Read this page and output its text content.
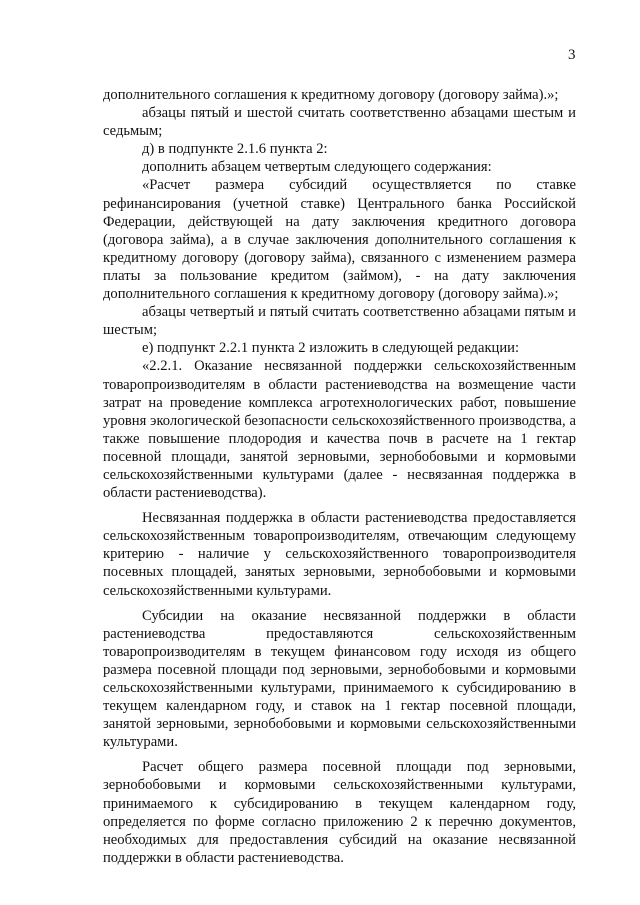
3

дополнительного соглашения к кредитному договору (договору займа).»;

абзацы пятый и шестой считать соответственно абзацами шестым и седьмым;

д) в подпункте 2.1.6 пункта 2:

дополнить абзацем четвертым следующего содержания:

«Расчет размера субсидий осуществляется по ставке рефинансирования (учетной ставке) Центрального банка Российской Федерации, действующей на дату заключения кредитного договора (договора займа), а в случае заключения дополнительного соглашения к кредитному договору (договору займа), связанного с изменением размера платы за пользование кредитом (займом), - на дату заключения дополнительного соглашения к кредитному договору (договору займа).»;

абзацы четвертый и пятый считать соответственно абзацами пятым и шестым;

е) подпункт 2.2.1 пункта 2 изложить в следующей редакции:

«2.2.1. Оказание несвязанной поддержки сельскохозяйственным товаропроизводителям в области растениеводства на возмещение части затрат на проведение комплекса агротехнологических работ, повышение уровня экологической безопасности сельскохозяйственного производства, а также повышение плодородия и качества почв в расчете на 1 гектар посевной площади, занятой зерновыми, зернобобовыми и кормовыми сельскохозяйственными культурами (далее - несвязанная поддержка в области растениеводства).

Несвязанная поддержка в области растениеводства предоставляется сельскохозяйственным товаропроизводителям, отвечающим следующему критерию - наличие у сельскохозяйственного товаропроизводителя посевных площадей, занятых зерновыми, зернобобовыми и кормовыми сельскохозяйственными культурами.

Субсидии на оказание несвязанной поддержки в области растениеводства предоставляются сельскохозяйственным товаропроизводителям в текущем финансовом году исходя из общего размера посевной площади под зерновыми, зернобобовыми и кормовыми сельскохозяйственными культурами, принимаемого к субсидированию в текущем календарном году, и ставок на 1 гектар посевной площади, занятой зерновыми, зернобобовыми и кормовыми сельскохозяйственными культурами.

Расчет общего размера посевной площади под зерновыми, зернобобовыми и кормовыми сельскохозяйственными культурами, принимаемого к субсидированию в текущем календарном году, определяется по форме согласно приложению 2 к перечню документов, необходимых для предоставления субсидий на оказание несвязанной поддержки в области растениеводства.
